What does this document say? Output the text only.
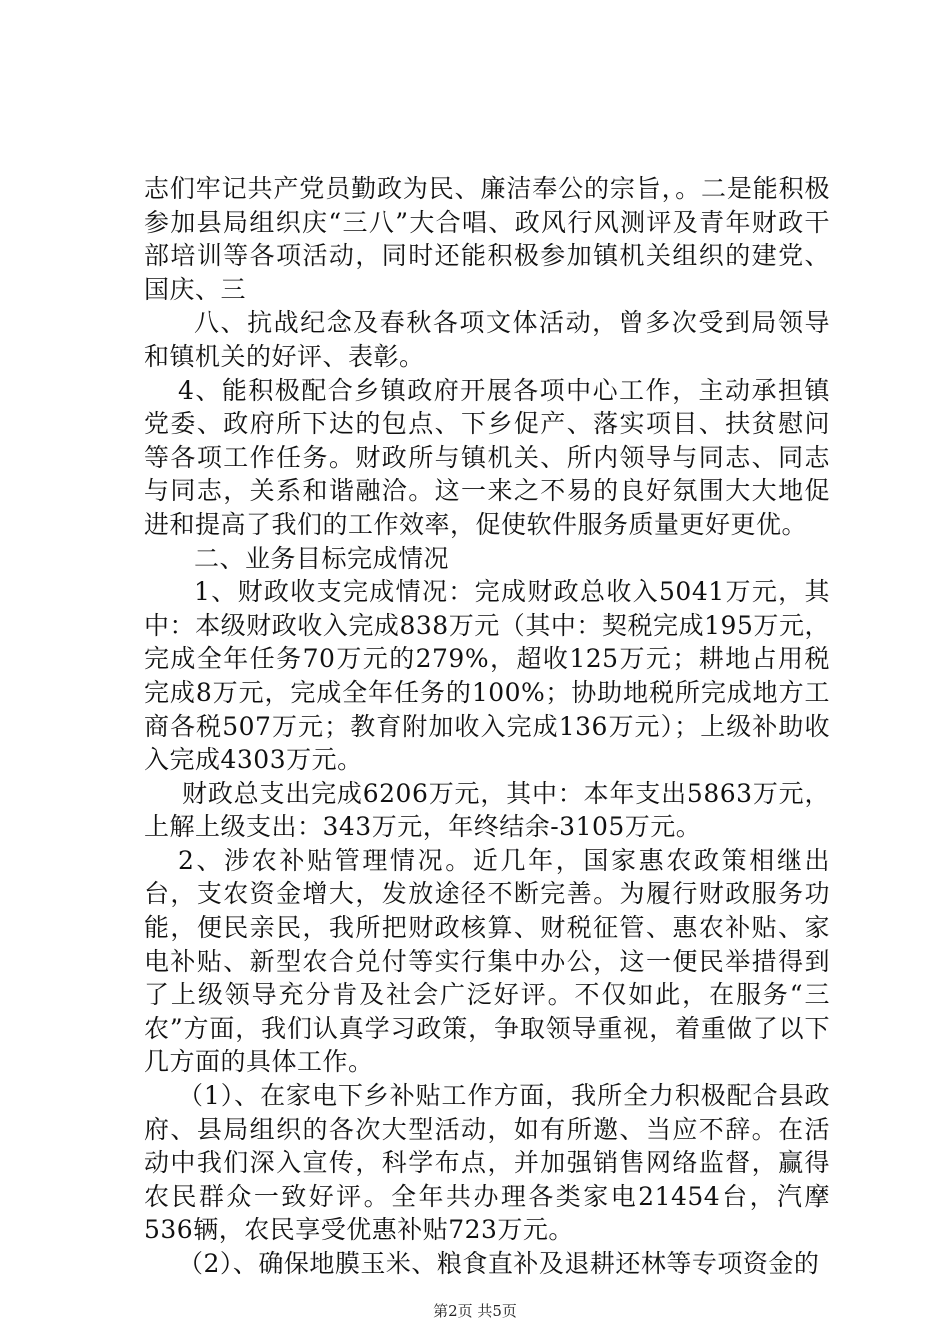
志们牢记共产党员勤政为民、廉洁奉公的宗旨，。二是能积极参加县局组织庆“三八”大合唱、政风行风测评及青年财政干部培训等各项活动，同时还能积极参加镇机关组织的建党、国庆、三

八、抗战纪念及春秋各项文体活动，曾多次受到局领导和镇机关的好评、表彰。

4、能积极配合乡镇政府开展各项中心工作，主动承担镇党委、政府所下达的包点、下乡促产、落实项目、扶贫慰问等各项工作任务。财政所与镇机关、所内领导与同志、同志与同志，关系和谐融洽。这一来之不易的良好氛围大大地促进和提高了我们的工作效率，促使软件服务质量更好更优。

二、业务目标完成情况

1、财政收支完成情况：完成财政总收入5041万元，其中：本级财政收入完成838万元（其中：契税完成195万元，完成全年任务70万元的279%，超收125万元；耕地占用税完成8万元，完成全年任务的100%；协助地税所完成地方工商各税507万元；教育附加收入完成136万元）；上级补助收入完成4303万元。

财政总支出完成6206万元，其中：本年支出5863万元，上解上级支出：343万元，年终结余-3105万元。

2、涉农补贴管理情况。近几年，国家惠农政策相继出台，支农资金增大，发放途径不断完善。为履行财政服务功能，便民亲民，我所把财政核算、财税征管、惠农补贴、家电补贴、新型农合兑付等实行集中办公，这一便民举措得到了上级领导充分肯及社会广泛好评。不仅如此，在服务“三农”方面，我们认真学习政策，争取领导重视，着重做了以下几方面的具体工作。

（1）、在家电下乡补贴工作方面，我所全力积极配合县政府、县局组织的各次大型活动，如有所邀、当应不辞。在活动中我们深入宣传，科学布点，并加强销售网络监督，赢得农民群众一致好评。全年共办理各类家电21454台，汽摩536辆，农民享受优惠补贴723万元。

（2）、确保地膜玉米、粮食直补及退耕还林等专项资金的

第2页 共5页
